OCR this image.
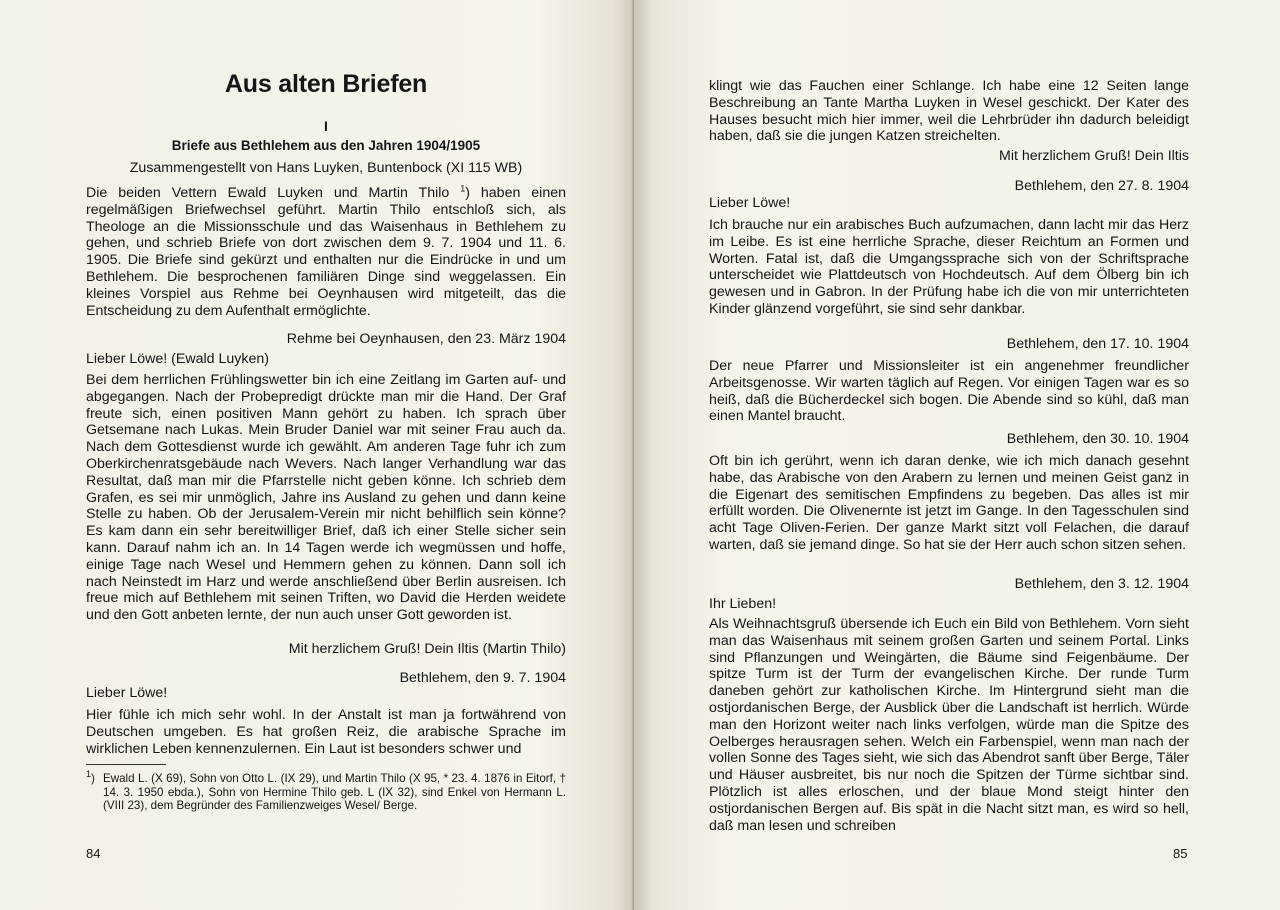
Aus alten Briefen
I
Briefe aus Bethlehem aus den Jahren 1904/1905
Zusammengestellt von Hans Luyken, Buntenbock (XI 115 WB)

Die beiden Vettern Ewald Luyken und Martin Thilo $^1$) haben einen regelmäßigen Briefwechsel geführt. Martin Thilo entschloß sich, als Theologe an die Missionsschule und das Waisenhaus in Bethlehem zu gehen, und schrieb Briefe von dort zwischen dem 9. 7. 1904 und 11. 6. 1905. Die Briefe sind gekürzt und enthalten nur die Eindrücke in und um Bethlehem. Die besprochenen familiären Dinge sind weggelassen. Ein kleines Vorspiel aus Rehme bei Oeynhausen wird mitgeteilt, das die Entscheidung zu dem Aufenthalt ermöglichte.

Rehme bei Oeynhausen, den 23. März 1904

Lieber Löwe! (Ewald Luyken)

Bei dem herrlichen Frühlingswetter bin ich eine Zeitlang im Garten auf- und abgegangen. Nach der Probepredigt drückte man mir die Hand. Der Graf freute sich, einen positiven Mann gehört zu haben. Ich sprach über Getsemane nach Lukas. Mein Bruder Daniel war mit seiner Frau auch da. Nach dem Gottesdienst wurde ich gewählt. Am anderen Tage fuhr ich zum Oberkirchenratsgebäude nach Wevers. Nach langer Verhandlung war das Resultat, daß man mir die Pfarrstelle nicht geben könne. Ich schrieb dem Grafen, es sei mir unmöglich, Jahre ins Ausland zu gehen und dann keine Stelle zu haben. Ob der Jerusalem-Verein mir nicht behilflich sein könne? Es kam dann ein sehr bereitwilliger Brief, daß ich einer Stelle sicher sein kann. Darauf nahm ich an. In 14 Tagen werde ich wegmüssen und hoffe, einige Tage nach Wesel und Hemmern gehen zu können. Dann soll ich nach Neinstedt im Harz und werde anschließend über Berlin ausreisen. Ich freue mich auf Bethlehem mit seinen Triften, wo David die Herden weidete und den Gott anbeten lernte, der nun auch unser Gott geworden ist.

Mit herzlichem Gruß! Dein Iltis (Martin Thilo)

Bethlehem, den 9. 7. 1904

Lieber Löwe!

Hier fühle ich mich sehr wohl. In der Anstalt ist man ja fortwährend von Deutschen umgeben. Es hat großen Reiz, die arabische Sprache im wirklichen Leben kennenzulernen. Ein Laut ist besonders schwer und

$^1$) Ewald L. (X 69), Sohn von Otto L. (IX 29), und Martin Thilo (X 95, * 23. 4. 1876 in Eitorf, † 14. 3. 1950 ebda.), Sohn von Hermine Thilo geb. L (IX 32), sind Enkel von Hermann L. (VIII 23), dem Begründer des Familienzweiges Wesel/ Berge.
84

klingt wie das Fauchen einer Schlange. Ich habe eine 12 Seiten lange Beschreibung an Tante Martha Luyken in Wesel geschickt. Der Kater des Hauses besucht mich hier immer, weil die Lehrbrüder ihn dadurch beleidigt haben, daß sie die jungen Katzen streichelten.

Mit herzlichem Gruß! Dein Iltis

Bethlehem, den 27. 8. 1904

Lieber Löwe!

Ich brauche nur ein arabisches Buch aufzumachen, dann lacht mir das Herz im Leibe. Es ist eine herrliche Sprache, dieser Reichtum an Formen und Worten. Fatal ist, daß die Umgangssprache sich von der Schriftsprache unterscheidet wie Plattdeutsch von Hochdeutsch. Auf dem Ölberg bin ich gewesen und in Gabron. In der Prüfung habe ich die von mir unterrichteten Kinder glänzend vorgeführt, sie sind sehr dankbar.

Bethlehem, den 17. 10. 1904

Der neue Pfarrer und Missionsleiter ist ein angenehmer freundlicher Arbeitsgenosse. Wir warten täglich auf Regen. Vor einigen Tagen war es so heiß, daß die Bücherdeckel sich bogen. Die Abende sind so kühl, daß man einen Mantel braucht.

Bethlehem, den 30. 10. 1904

Oft bin ich gerührt, wenn ich daran denke, wie ich mich danach gesehnt habe, das Arabische von den Arabern zu lernen und meinen Geist ganz in die Eigenart des semitischen Empfindens zu begeben. Das alles ist mir erfüllt worden. Die Olivenernte ist jetzt im Gange. In den Tagesschulen sind acht Tage Oliven-Ferien. Der ganze Markt sitzt voll Felachen, die darauf warten, daß sie jemand dinge. So hat sie der Herr auch schon sitzen sehen.

Bethlehem, den 3. 12. 1904

Ihr Lieben!

Als Weihnachtsgruß übersende ich Euch ein Bild von Bethlehem. Vorn sieht man das Waisenhaus mit seinem großen Garten und seinem Portal. Links sind Pflanzungen und Weingärten, die Bäume sind Feigenbäume. Der spitze Turm ist der Turm der evangelischen Kirche. Der runde Turm daneben gehört zur katholischen Kirche. Im Hintergrund sieht man die ostjordanischen Berge, der Ausblick über die Landschaft ist herrlich. Würde man den Horizont weiter nach links verfolgen, würde man die Spitze des Oelberges herausragen sehen. Welch ein Farbenspiel, wenn man nach der vollen Sonne des Tages sieht, wie sich das Abendrot sanft über Berge, Täler und Häuser ausbreitet, bis nur noch die Spitzen der Türme sichtbar sind. Plötzlich ist alles erloschen, und der blaue Mond steigt hinter den ostjordanischen Bergen auf. Bis spät in die Nacht sitzt man, es wird so hell, daß man lesen und schreiben

85
